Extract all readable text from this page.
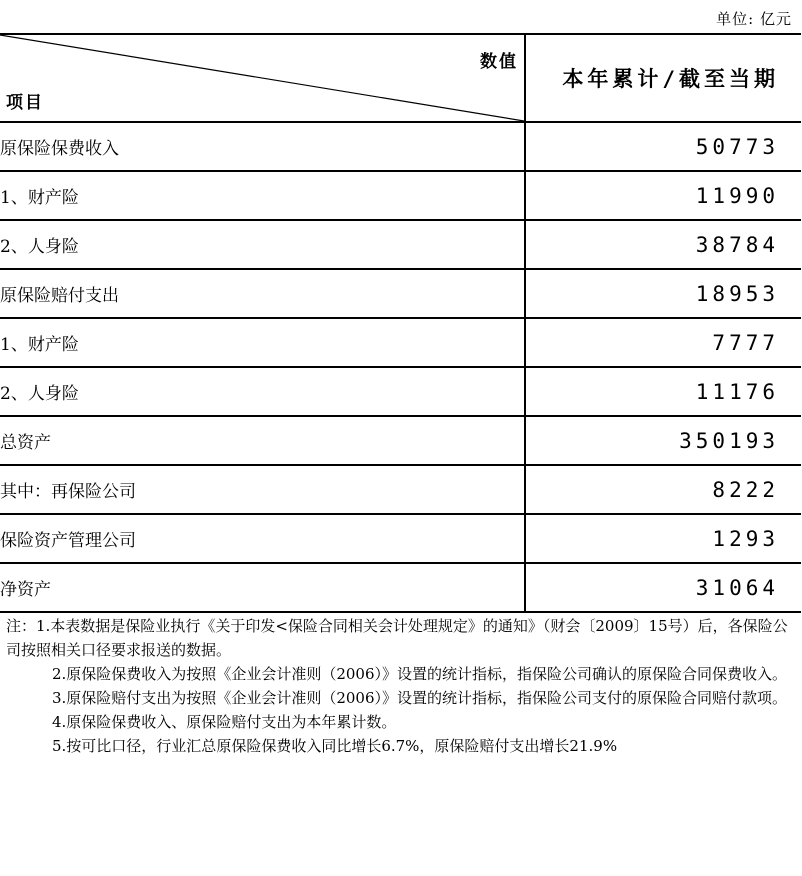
单位: 亿元
数值
项目	本年累计/截至当期
原保险保费收入	50773
1、财产险	11990
2、人身险	38784
原保险赔付支出	18953
1、财产险	7777
2、人身险	11176
总资产	350193
其中：再保险公司	8222
保险资产管理公司	1293
净资产	31064

注：1.本表数据是保险业执行《关于印发<保险合同相关会计处理规定》的通知》（财会〔2009〕15号）后，各保险公司按照相关口径要求报送的数据。

2.原保险保费收入为按照《企业会计准则（2006）》设置的统计指标，指保险公司确认的原保险合同保费收入。

3.原保险赔付支出为按照《企业会计准则（2006）》设置的统计指标，指保险公司支付的原保险合同赔付款项。

4.原保险保费收入、原保险赔付支出为本年累计数。

5.按可比口径，行业汇总原保险保费收入同比增长6.7%，原保险赔付支出增长21.9%
